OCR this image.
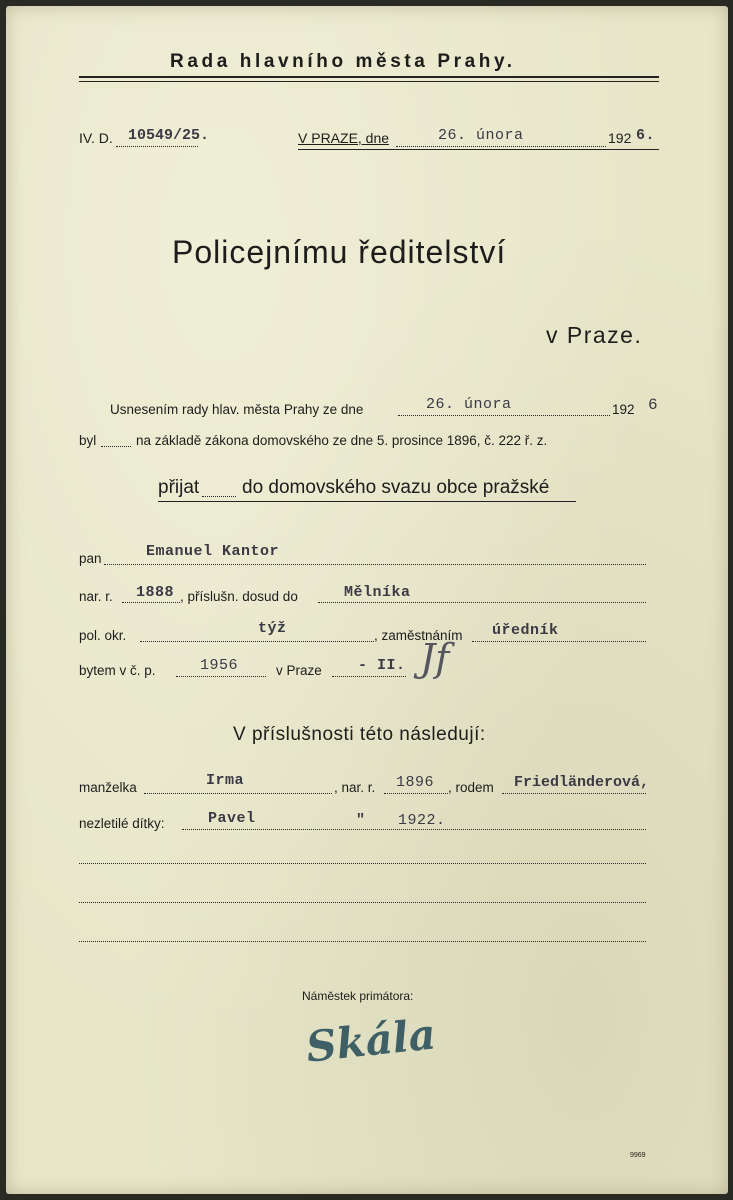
Rada hlavního města Prahy.
IV. D. 10549/25.	V PRAZE, dne	26. února	192 6.
Policejnímu ředitelství
v Praze.
Usnesením rady hlav. města Prahy ze dne	26. února	192 6
byl	na základě zákona domovského ze dne 5. prosince 1896, č. 222 ř. z.
přijat do domovského svazu obce pražské
pan	Emanuel Kantor
nar. r. 1888 , příslušn. dosud do	Mělníka
pol. okr.	týž	, zaměstnáním úředník
bytem v č. p.	1956	v Praze - II. Jf
V příslušnosti této následují:
manželka	Irma	, nar. r. 1896 , rodem Friedländerová,
nezletilé dítky:	Pavel	" 1922.
Náměstek primátora:
Skála
9969
